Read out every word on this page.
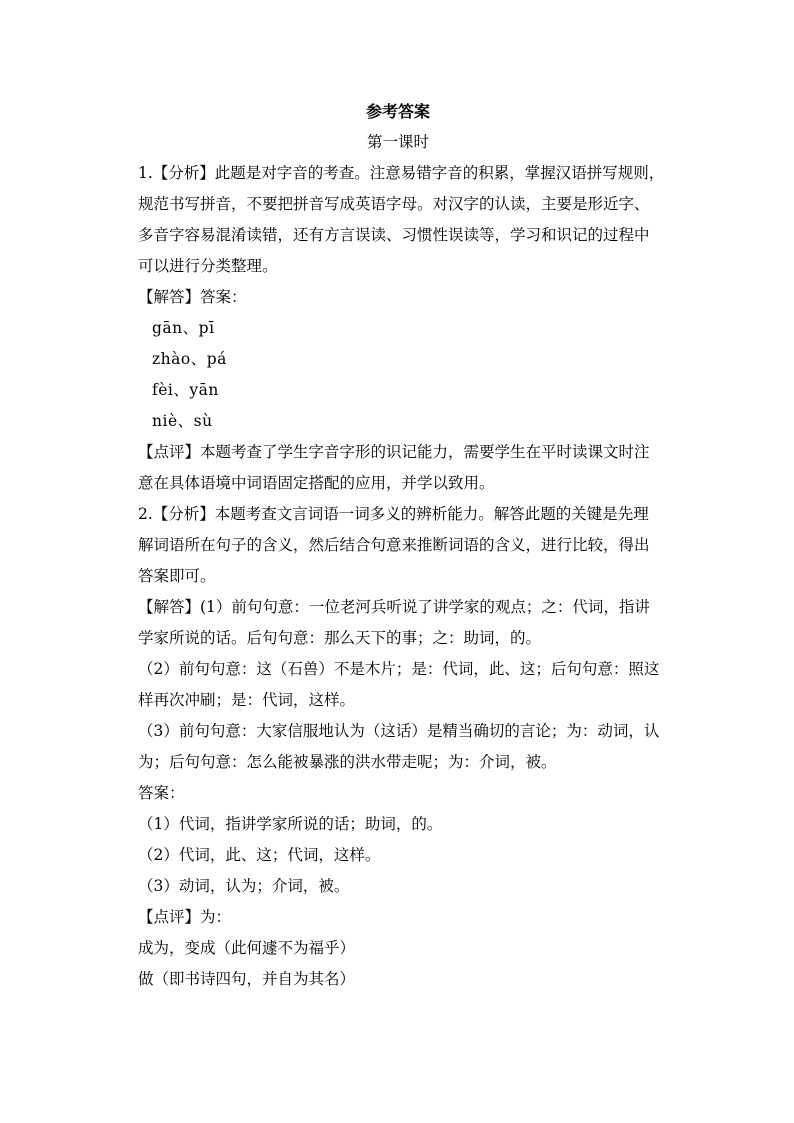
参考答案
第一课时
1.【分析】此题是对字音的考查。注意易错字音的积累，掌握汉语拼写规则，
规范书写拼音，不要把拼音写成英语字母。对汉字的认读，主要是形近字、
多音字容易混淆读错，还有方言误读、习惯性误读等，学习和识记的过程中
可以进行分类整理。
【解答】答案：
gān、pī
zhào、pá
fèi、yān
niè、sù
【点评】本题考查了学生字音字形的识记能力，需要学生在平时读课文时注
意在具体语境中词语固定搭配的应用，并学以致用。
2.【分析】本题考查文言词语一词多义的辨析能力。解答此题的关键是先理
解词语所在句子的含义，然后结合句意来推断词语的含义，进行比较，得出
答案即可。
【解答】(1）前句句意：一位老河兵听说了讲学家的观点；之：代词，指讲
学家所说的话。后句句意：那么天下的事；之：助词，的。
（2）前句句意：这（石兽）不是木片；是：代词，此、这；后句句意：照这
样再次冲刷；是：代词，这样。
（3）前句句意：大家信服地认为（这话）是精当确切的言论；为：动词，认
为；后句句意：怎么能被暴涨的洪水带走呢；为：介词，被。
答案：
（1）代词，指讲学家所说的话；助词，的。
（2）代词，此、这；代词，这样。
（3）动词，认为；介词，被。
【点评】为：
成为，变成（此何遽不为福乎）
做（即书诗四句，并自为其名）
